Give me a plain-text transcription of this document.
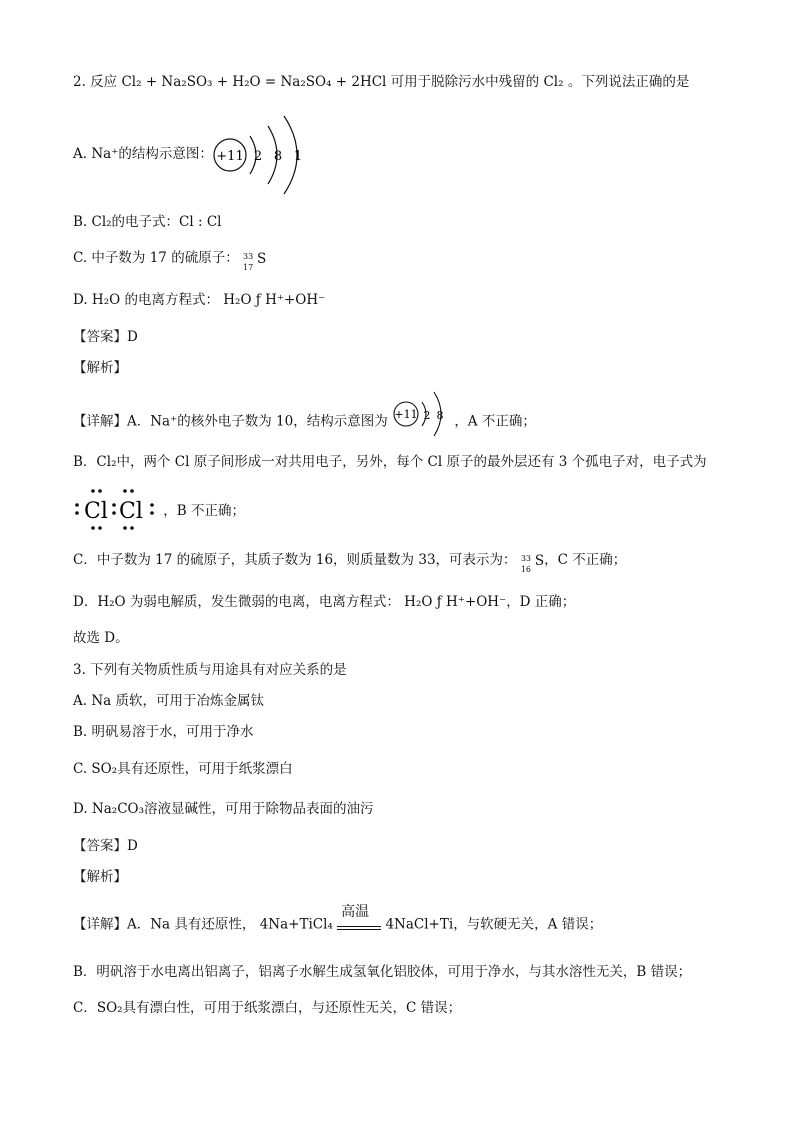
2. 反应 Cl₂ + Na₂SO₃ + H₂O = Na₂SO₄ + 2HCl 可用于脱除污水中残留的 Cl₂ 。下列说法正确的是
A. Na⁺的结构示意图： +11 2 8 1
B. Cl₂的电子式：Cl : Cl
C. 中子数为 17 的硫原子： 33
17
S
D. H₂O 的电离方程式： H₂O ƒ H⁺+OH⁻
【答案】D
【解析】
【详解】A．Na⁺的核外电子数为 10，结构示意图为 +11 2 8 ，A 不正确；
B．Cl₂中，两个 Cl 原子间形成一对共用电子，另外，每个 Cl 原子的最外层还有 3 个孤电子对，电子式为
Cl Cl ，B 不正确；
C．中子数为 17 的硫原子，其质子数为 16，则质量数为 33，可表示为： 33
16
S，C 不正确；
D．H₂O 为弱电解质，发生微弱的电离，电离方程式： H₂O ƒ H⁺+OH⁻，D 正确；
故选 D。
3. 下列有关物质性质与用途具有对应关系的是
A. Na 质软，可用于冶炼金属钛
B. 明矾易溶于水，可用于净水
C. SO₂具有还原性，可用于纸浆漂白
D. Na₂CO₃溶液显碱性，可用于除物品表面的油污
【答案】D
【解析】
【详解】A．Na 具有还原性， 4Na+TiCl₄
高温
4NaCl+Ti，与软硬无关，A 错误；
B．明矾溶于水电离出铝离子，铝离子水解生成氢氧化铝胶体，可用于净水，与其水溶性无关，B 错误；
C．SO₂具有漂白性，可用于纸浆漂白，与还原性无关，C 错误；
